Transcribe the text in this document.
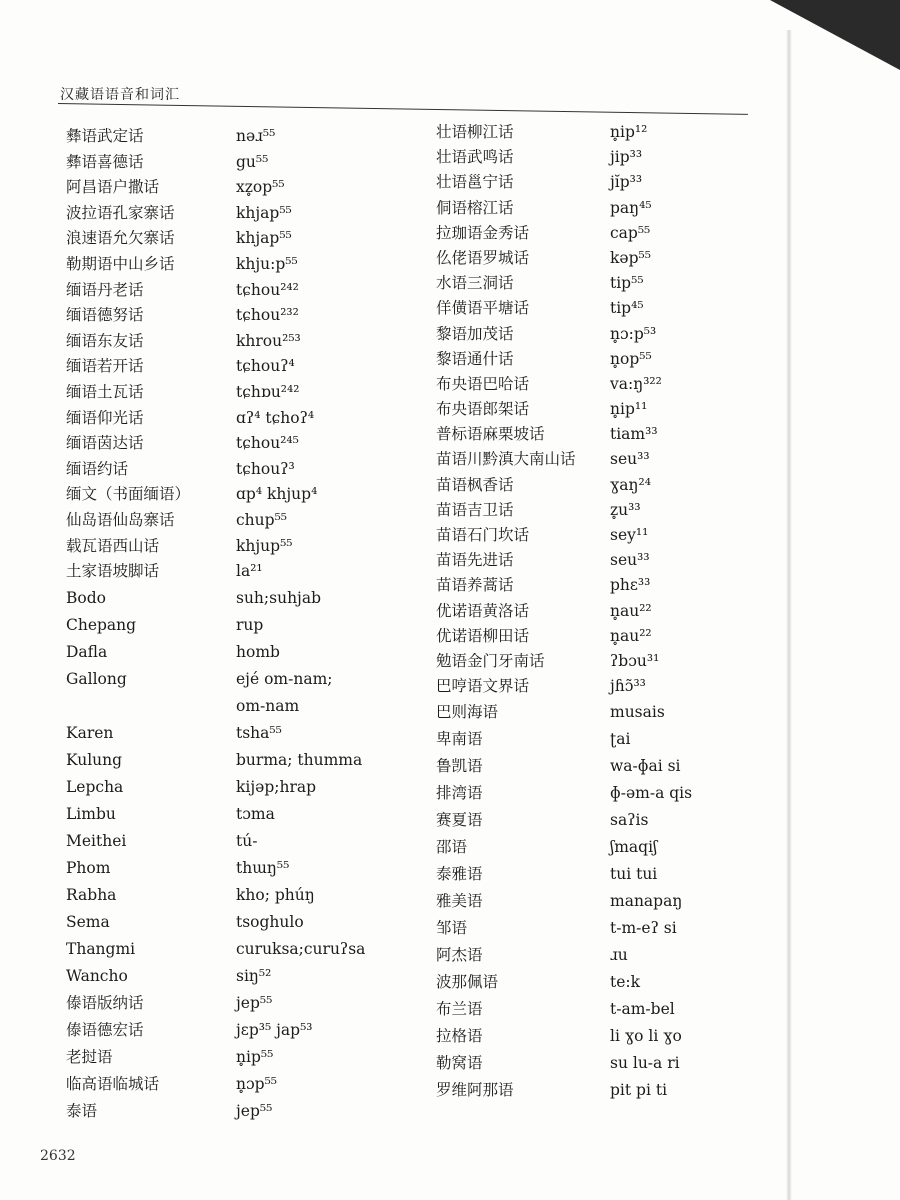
汉藏语语音和词汇
彝语武定话
彝语喜德话
阿昌语户撒话
波拉语孔家寨话
浪速语允欠寨话
勒期语中山乡话
缅语丹老话
缅语德努话
缅语东友话
缅语若开话
缅语土瓦话
缅语仰光话
缅语茵达话
缅语约话
缅文（书面缅语）
仙岛语仙岛寨话
载瓦语西山话
土家语坡脚话
Bodo
Chepang
Dafla
Gallong
Karen
Kulung
Lepcha
Limbu
Meithei
Phom
Rabha
Sema
Thangmi
Wancho
傣语版纳话
傣语德宏话
老挝语
临高语临城话
泰语
nəɹ⁵⁵
gu⁵⁵
xz̥op⁵⁵
khjap⁵⁵
khjap⁵⁵
khju:p⁵⁵
tɕhou²⁴²
tɕhou²³²
khrou²⁵³
tɕhouʔ⁴
tɕhɒu²⁴²
ɑʔ⁴ tɕhoʔ⁴
tɕhou²⁴⁵
tɕhouʔ³
ɑp⁴ khjup⁴
chup⁵⁵
khjup⁵⁵
la²¹
suh;suhjab
rup
homb
ejé om-nam;
om-nam
tsha⁵⁵
burma; thumma
kijəp;hrap
tɔma
tú-
thɯŋ⁵⁵
kho; phúŋ
tsoghulo
curuksa;curuʔsa
siŋ⁵²
jep⁵⁵
jɛp³⁵ jap⁵³
n̥ip⁵⁵
n̥ɔp⁵⁵
jep⁵⁵
壮语柳江话
壮语武鸣话
壮语邕宁话
侗语榕江话
拉珈语金秀话
仫佬语罗城话
水语三洞话
佯僙语平塘话
黎语加茂话
黎语通什话
布央语巴哈话
布央语郎架话
普标语麻栗坡话
苗语川黔滇大南山话
苗语枫香话
苗语吉卫话
苗语石门坎话
苗语先进话
苗语养蒿话
优诺语黄洛话
优诺语柳田话
勉语金门牙南话
巴哼语文界话
巴则海语
卑南语
鲁凯语
排湾语
赛夏语
邵语
泰雅语
雅美语
邹语
阿杰语
波那佩语
布兰语
拉格语
勒窝语
罗维阿那语
n̥ip¹²
jip³³
jĭp³³
paŋ⁴⁵
cap⁵⁵
kəp⁵⁵
tip⁵⁵
tip⁴⁵
n̥ɔ:p⁵³
n̥op⁵⁵
va:ŋ³²²
n̥ip¹¹
tiam³³
seu³³
ɣaŋ²⁴
z̥u³³
sey¹¹
seu³³
phɛ³³
n̥au²²
n̥au²²
ʔbɔu³¹
jɦɔ̃³³
musais
ʈai
wa-ɸai si
ɸ-əm-a qis
saʔis
ʃmaqiʃ
tui tui
manapaŋ
t-m-eʔ si
ɹu
te:k
t-am-bel
li ɣo li ɣo
su lu-a ri
pit pi ti
2632
